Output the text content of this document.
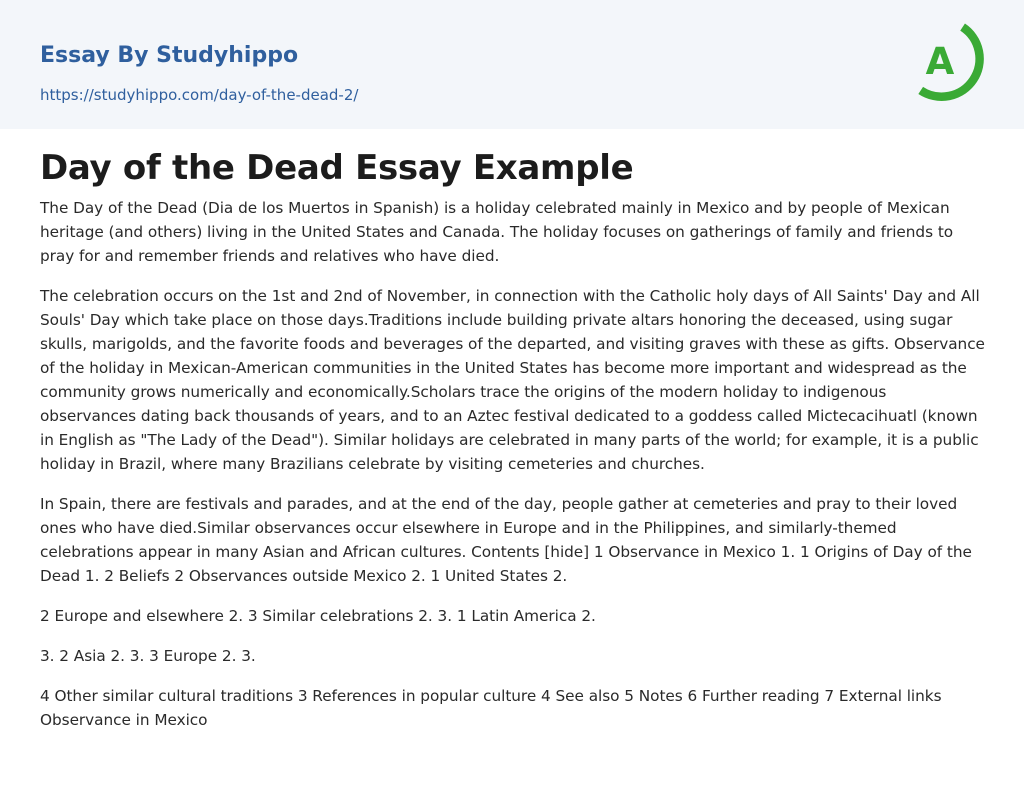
Essay By Studyhippo
https://studyhippo.com/day-of-the-dead-2/
A
Day of the Dead Essay Example

The Day of the Dead (Dia de los Muertos in Spanish) is a holiday celebrated mainly in Mexico and by people of Mexican heritage (and others) living in the United States and Canada. The holiday focuses on gatherings of family and friends to pray for and remember friends and relatives who have died.

The celebration occurs on the 1st and 2nd of November, in connection with the Catholic holy days of All Saints' Day and All Souls' Day which take place on those days.Traditions include building private altars honoring the deceased, using sugar skulls, marigolds, and the favorite foods and beverages of the departed, and visiting graves with these as gifts. Observance of the holiday in Mexican-American communities in the United States has become more important and widespread as the community grows numerically and economically.Scholars trace the origins of the modern holiday to indigenous observances dating back thousands of years, and to an Aztec festival dedicated to a goddess called Mictecacihuatl (known in English as "The Lady of the Dead"). Similar holidays are celebrated in many parts of the world; for example, it is a public holiday in Brazil, where many Brazilians celebrate by visiting cemeteries and churches.

In Spain, there are festivals and parades, and at the end of the day, people gather at cemeteries and pray to their loved ones who have died.Similar observances occur elsewhere in Europe and in the Philippines, and similarly-themed celebrations appear in many Asian and African cultures. Contents [hide] 1 Observance in Mexico 1. 1 Origins of Day of the Dead 1. 2 Beliefs 2 Observances outside Mexico 2. 1 United States 2.

2 Europe and elsewhere 2. 3 Similar celebrations 2. 3. 1 Latin America 2.

3. 2 Asia 2. 3. 3 Europe 2. 3.

4 Other similar cultural traditions 3 References in popular culture 4 See also 5 Notes 6 Further reading 7 External links Observance in Mexico
